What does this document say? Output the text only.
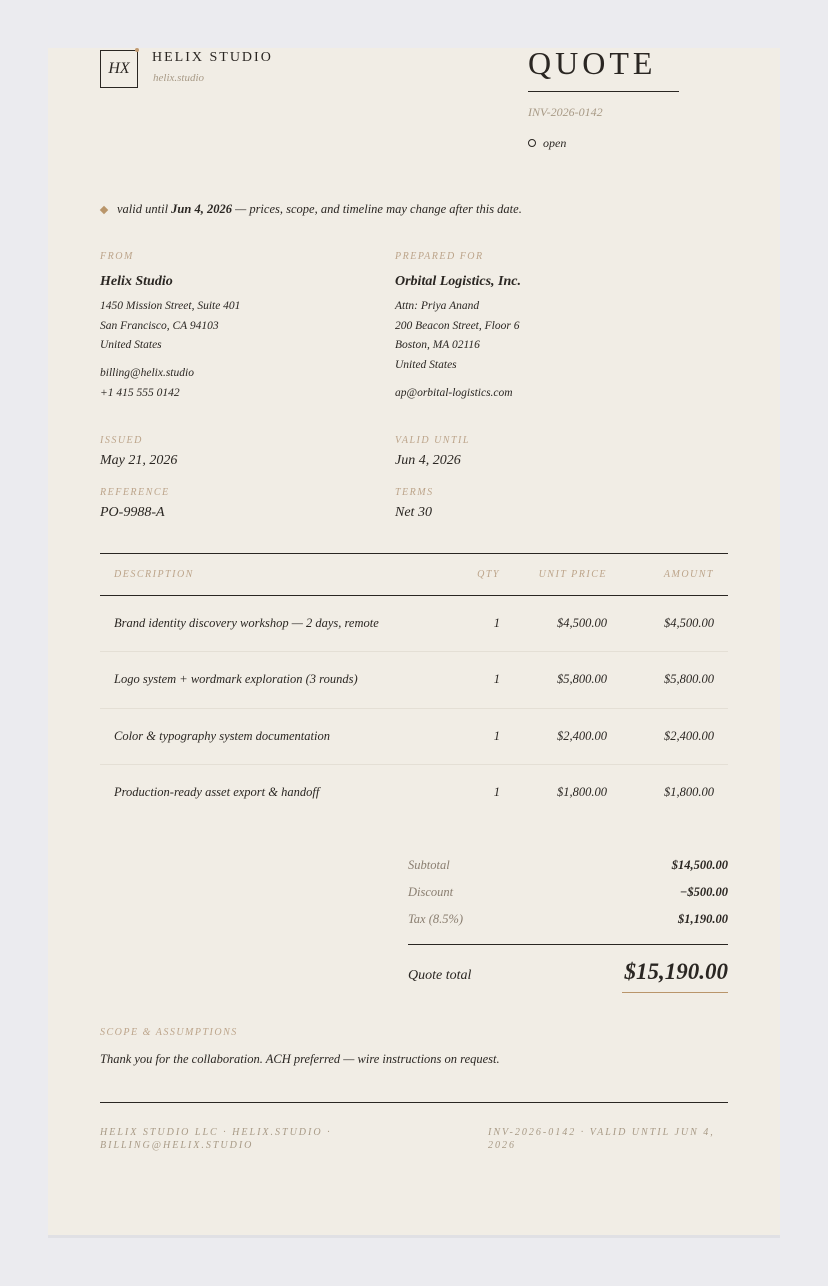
HX
HELIX STUDIO
helix.studio	QUOTE
INV-2026-0142
open
valid until Jun 4, 2026 — prices, scope, and timeline may change after this date.
FROM
Helix Studio
1450 Mission Street, Suite 401
San Francisco, CA 94103
United States
billing@helix.studio
+1 415 555 0142
PREPARED FOR
Orbital Logistics, Inc.
Attn: Priya Anand
200 Beacon Street, Floor 6
Boston, MA 02116
United States
ap@orbital-logistics.com
ISSUED
May 21, 2026
VALID UNTIL
Jun 4, 2026
REFERENCE
PO-9988-A
TERMS
Net 30
DESCRIPTION	QTY	UNIT PRICE	AMOUNT
Brand identity discovery workshop — 2 days, remote	1	$4,500.00	$4,500.00
Logo system + wordmark exploration (3 rounds)	1	$5,800.00	$5,800.00
Color & typography system documentation	1	$2,400.00	$2,400.00
Production-ready asset export & handoff	1	$1,800.00	$1,800.00
Subtotal	$14,500.00
Discount	−$500.00
Tax (8.5%)	$1,190.00
Quote total	$15,190.00
SCOPE & ASSUMPTIONS
Thank you for the collaboration. ACH preferred — wire instructions on request.
HELIX STUDIO LLC · HELIX.STUDIO · BILLING@HELIX.STUDIO
INV-2026-0142 · VALID UNTIL JUN 4, 2026
